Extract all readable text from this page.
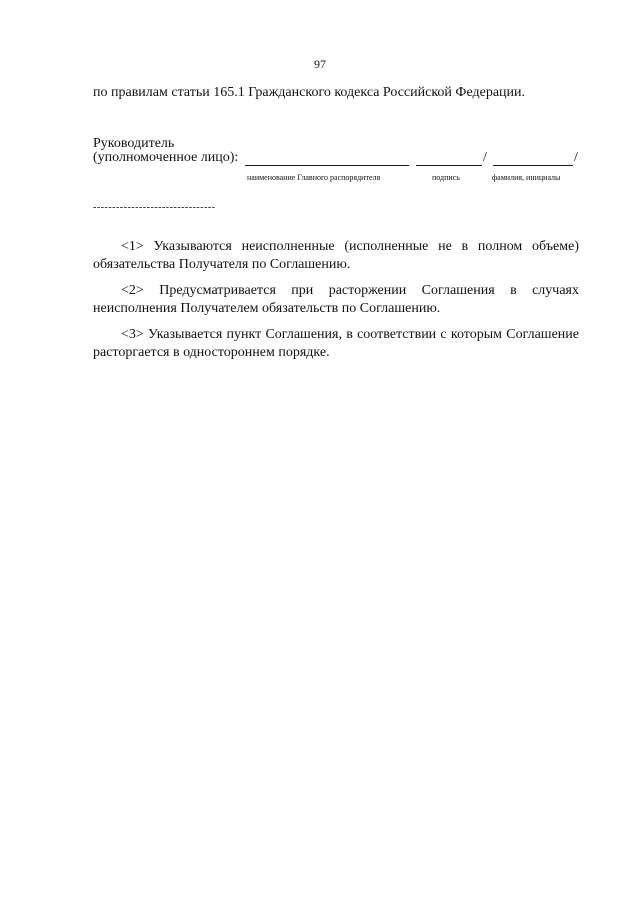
97
по правилам статьи 165.1 Гражданского кодекса Российской Федерации.
Руководитель
(уполномоченное лицо):	/	/
наименование Главного распорядителя	подпись	фамилия, инициалы
--------------------------------

<1> Указываются неисполненные (исполненные не в полном объеме) обязательства Получателя по Соглашению.

<2> Предусматривается при расторжении Соглашения в случаях неисполнения Получателем обязательств по Соглашению.

<3> Указывается пункт Соглашения, в соответствии с которым Соглашение расторгается в одностороннем порядке.
